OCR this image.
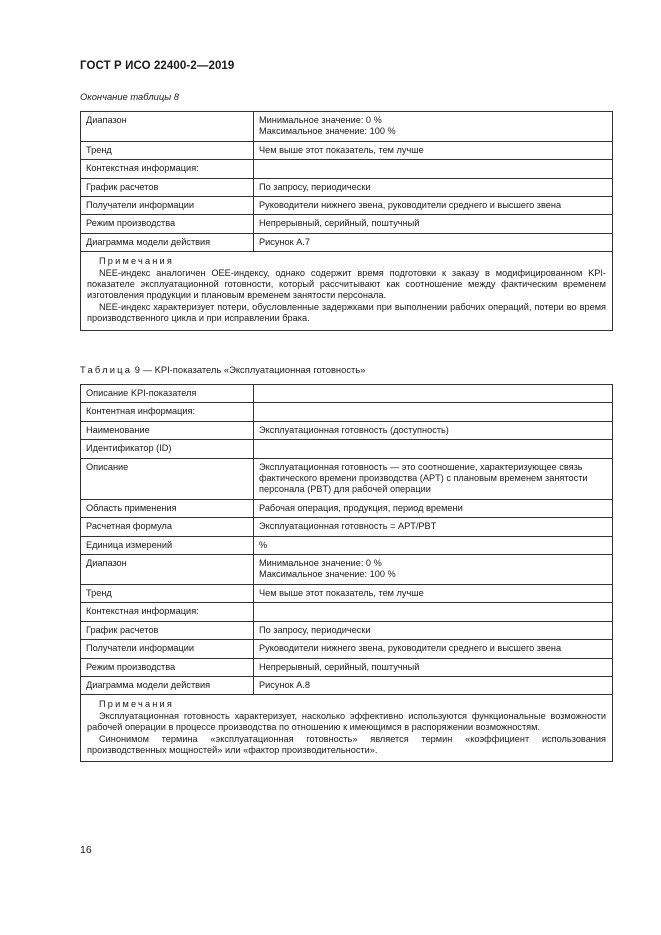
ГОСТ Р ИСО 22400-2—2019
Окончание таблицы 8
Диапазон	Минимальное значение: 0 %
Максимальное значение: 100 %

Тренд	Чем выше этот показатель, тем лучше

Контекстная информация:	

График расчетов	По запросу, периодически

Получатели информации	Руководители нижнего звена, руководители среднего и высшего звена

Режим производства	Непрерывный, серийный, поштучный

Диаграмма модели действия	Рисунок А.7

Примечания
NEE-индекс аналогичен OEE-индексу, однако содержит время подготовки к заказу в модифицированном KPI-показателе эксплуатационной готовности, который рассчитывают как соотношение между фактическим временем изготовления продукции и плановым временем занятости персонала.
NEE-индекс характеризует потери, обусловленные задержками при выполнении рабочих операций, потери во время производственного цикла и при исправлении брака.	
Таблица 9 — KPI-показатель «Эксплуатационная готовность»
Описание KPI-показателя	

Контентная информация:	

Наименование	Эксплуатационная готовность (доступность)

Идентификатор (ID)	

Описание	Эксплуатационная готовность — это соотношение, характеризующее связь фактического времени производства (APT) с плановым временем занятости персонала (PBT) для рабочей операции

Область применения	Рабочая операция, продукция, период времени

Расчетная формула	Эксплуатационная готовность = APT/PBT

Единица измерений	%

Диапазон	Минимальное значение: 0 %
Максимальное значение: 100 %

Тренд	Чем выше этот показатель, тем лучше

Контекстная информация:	

График расчетов	По запросу, периодически

Получатели информации	Руководители нижнего звена, руководители среднего и высшего звена

Режим производства	Непрерывный, серийный, поштучный

Диаграмма модели действия	Рисунок А.8

Примечания
Эксплуатационная готовность характеризует, насколько эффективно используются функциональные возможности рабочей операции в процессе производства по отношению к имеющимся в распоряжении возможностям.
Синонимом термина «эксплуатационная готовность» является термин «коэффициент использования производственных мощностей» или «фактор производительности».	
16
